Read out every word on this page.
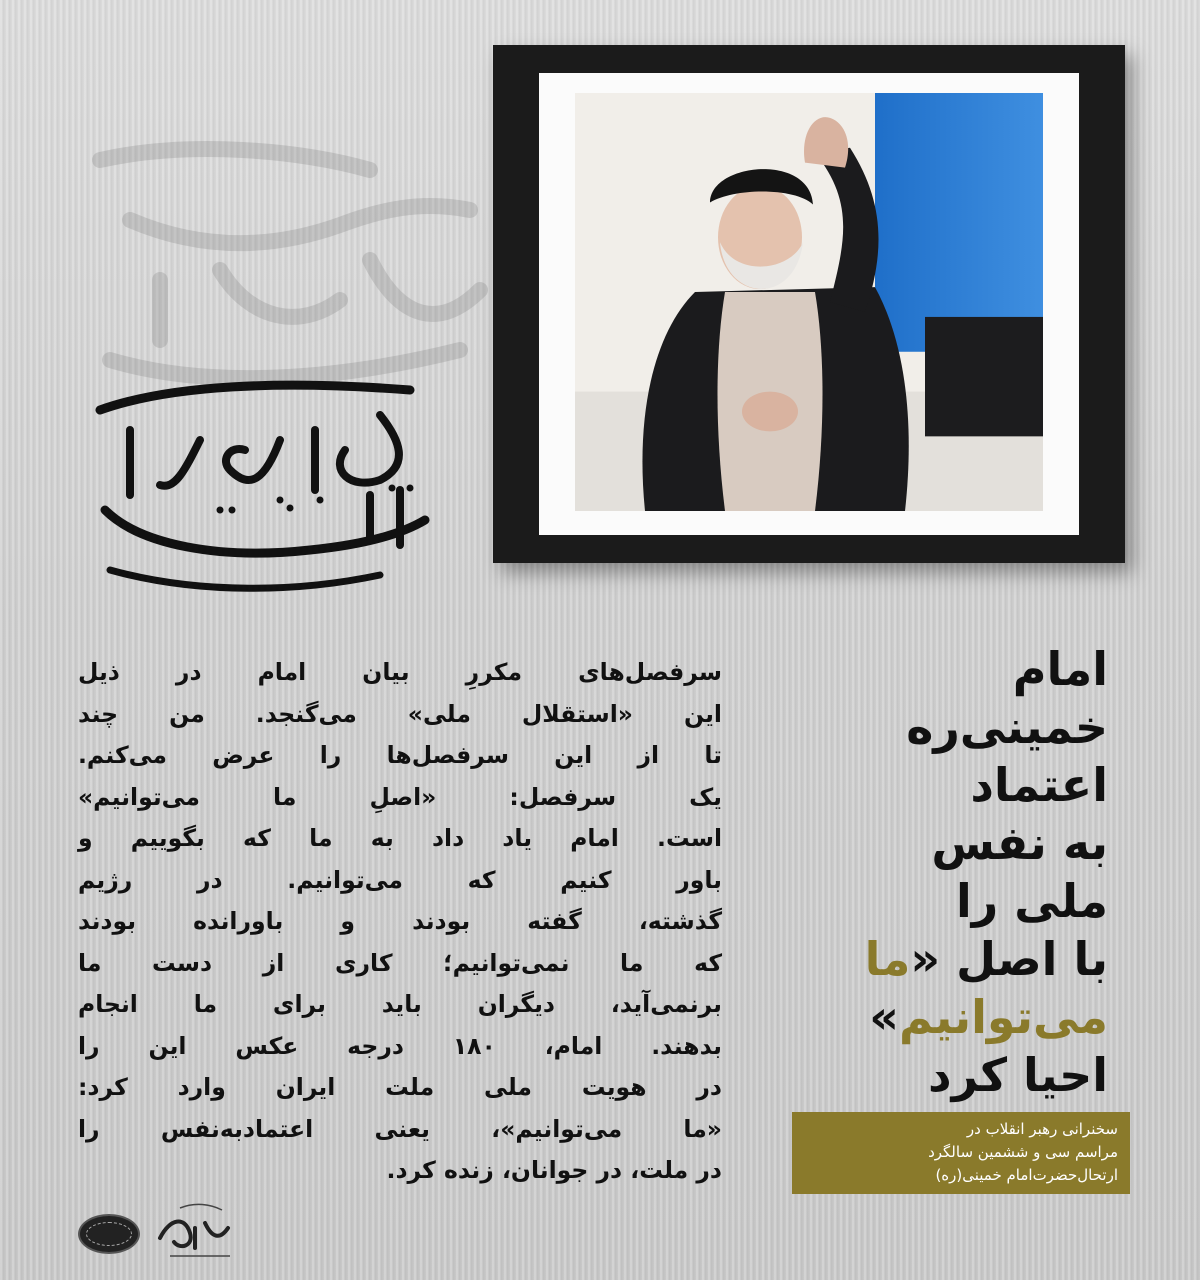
امام
خمینی‌ره
اعتماد
به نفس
ملی را
با اصل «ما
می‌توانیم»
احیا کرد
سخنرانی رهبر انقلاب در
مراسم سی و ششمین سالگرد
ارتحال‌حضرت‌امام خمینی(ره)
سرفصل‌های مکررِ بیان امام در ذیل
این «استقلال ملی» می‌گنجد. من چند
تا از این سرفصل‌ها را عرض می‌کنم.
یک سرفصل: «اصلِ ما می‌توانیم»
است. امام یاد داد به ما که بگوییم و
باور کنیم که می‌توانیم. در رژیم
گذشته، گفته بودند و باورانده بودند
که ما نمی‌توانیم؛ کاری از دست ما
برنمی‌آید، دیگران باید برای ما انجام
بدهند. امام، ۱۸۰ درجه عکس این را
در هویت ملی ملت ایران وارد کرد:
«ما می‌توانیم»، یعنی اعتمادبه‌نفس را
در ملت، در جوانان، زنده کرد.
